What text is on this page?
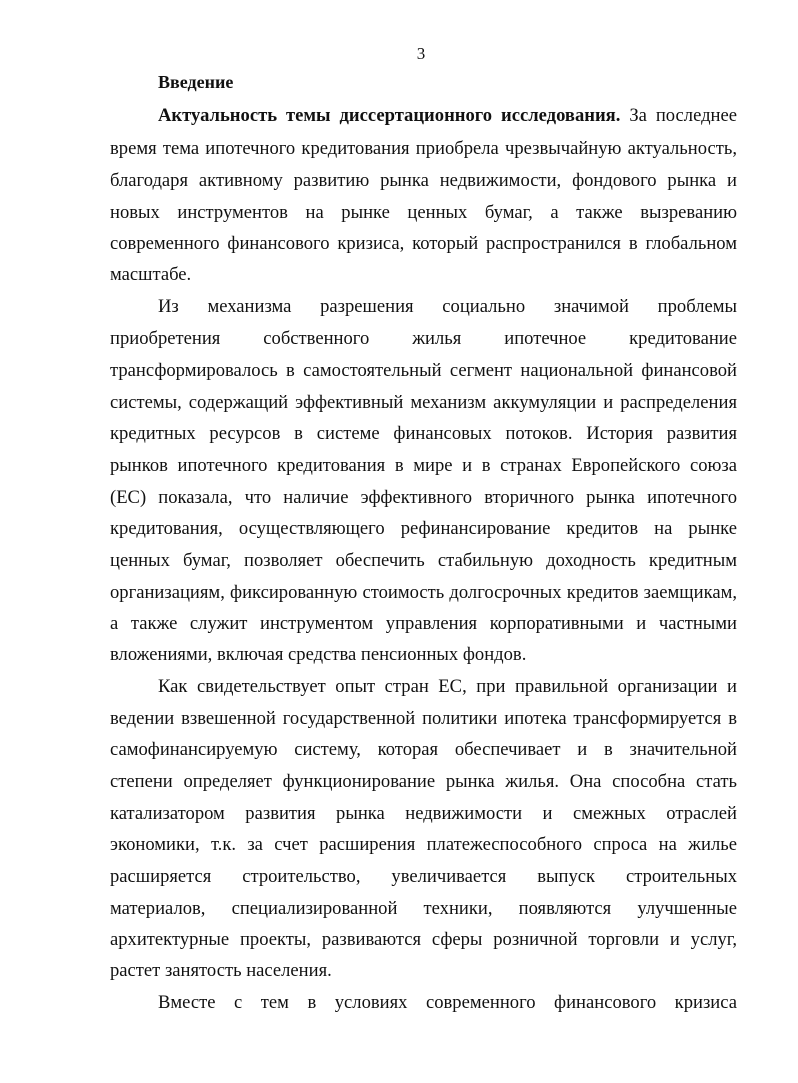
3
Введение
Актуальность темы диссертационного исследования. За последнее
время тема ипотечного кредитования приобрела чрезвычайную актуальность,
благодаря активному развитию рынка недвижимости, фондового рынка и
новых инструментов на рынке ценных бумаг, а также вызреванию
современного финансового кризиса, который распространился в глобальном
масштабе.
Из механизма разрешения социально значимой проблемы
приобретения собственного жилья ипотечное кредитование
трансформировалось в самостоятельный сегмент национальной финансовой
системы, содержащий эффективный механизм аккумуляции и распределения
кредитных ресурсов в системе финансовых потоков. История развития
рынков ипотечного кредитования в мире и в странах Европейского союза
(ЕС) показала, что наличие эффективного вторичного рынка ипотечного
кредитования, осуществляющего рефинансирование кредитов на рынке
ценных бумаг, позволяет обеспечить стабильную доходность кредитным
организациям, фиксированную стоимость долгосрочных кредитов заемщикам,
а также служит инструментом управления корпоративными и частными
вложениями, включая средства пенсионных фондов.
Как свидетельствует опыт стран ЕС, при правильной организации и
ведении взвешенной государственной политики ипотека трансформируется в
самофинансируемую систему, которая обеспечивает и в значительной
степени определяет функционирование рынка жилья. Она способна стать
катализатором развития рынка недвижимости и смежных отраслей
экономики, т.к. за счет расширения платежеспособного спроса на жилье
расширяется строительство, увеличивается выпуск строительных
материалов, специализированной техники, появляются улучшенные
архитектурные проекты, развиваются сферы розничной торговли и услуг,
растет занятость населения.
Вместе с тем в условиях современного финансового кризиса
